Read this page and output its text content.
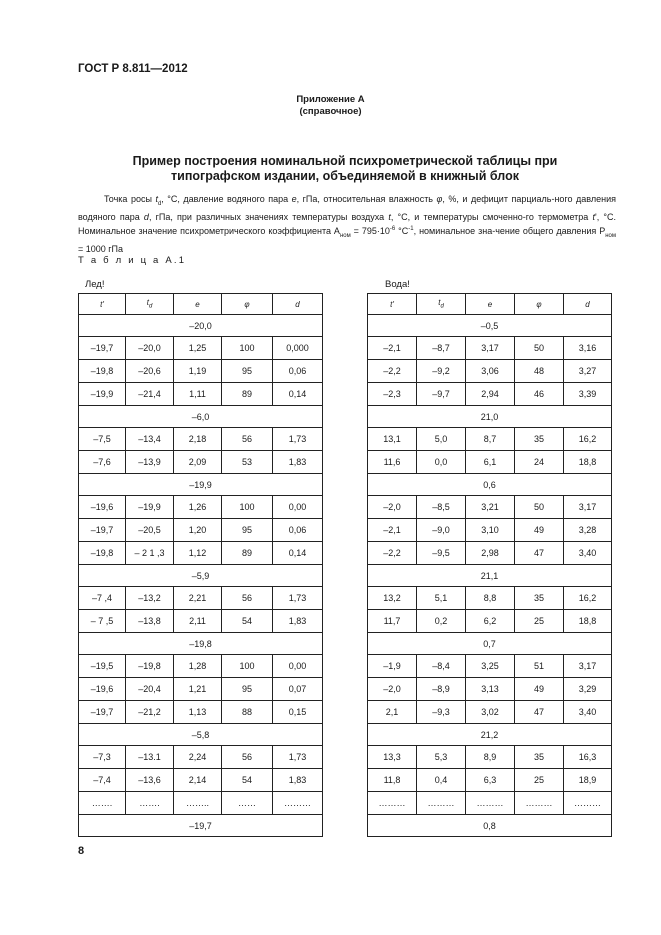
ГОСТ Р 8.811—2012
Приложение А
(справочное)
Пример построения номинальной психрометрической таблицы при
типографском издании, объединяемой в книжный блок
Точка росы $t_d$, °С, давление водяного пара e, гПа, относительная влажность φ, %, и дефицит парциаль-ного давления водяного пара d, гПа, при различных значениях температуры воздуха t, °С, и температуры смоченно-го термометра t', °С. Номинальное значение психрометрического коэффициента $А_{ном} = 795\cdot 10^{-6}$ $^\circ С^{-1}$, номинальное зна-чение общего давления $Р_{ном} = 1000$ гПа
Т а б л и ц а А.1
Лед!	Вода!
t'	$t_d$	e	φ	d
–20,0				
–19,7	–20,0	1,25	100	0,000
–19,8	–20,6	1,19	95	0,06
–19,9	–21,4	1,11	89	0,14
–6,0				
–7,5	–13,4	2,18	56	1,73
–7,6	–13,9	2,09	53	1,83
–19,9				
–19,6	–19,9	1,26	100	0,00
–19,7	–20,5	1,20	95	0,06
–19,8	– 2 1 ,3	1,12	89	0,14
–5,9				
–7 ,4	–13,2	2,21	56	1,73
– 7 ,5	–13,8	2,11	54	1,83
–19,8				
–19,5	–19,8	1,28	100	0,00
–19,6	–20,4	1,21	95	0,07
–19,7	–21,2	1,13	88	0,15
–5,8				
–7,3	–13.1	2,24	56	1,73
–7,4	–13,6	2,14	54	1,83
…….	…….	……..	……	………
–19,7				
t'	$t_d$	e	φ	d
–0,5				
–2,1	–8,7	3,17	50	3,16
–2,2	–9,2	3,06	48	3,27
–2,3	–9,7	2,94	46	3,39
21,0				
13,1	5,0	8,7	35	16,2
11,6	0,0	6,1	24	18,8
0,6				
–2,0	–8,5	3,21	50	3,17
–2,1	–9,0	3,10	49	3,28
–2,2	–9,5	2,98	47	3,40
21,1				
13,2	5,1	8,8	35	16,2
11,7	0,2	6,2	25	18,8
0,7				
–1,9	–8,4	3,25	51	3,17
–2,0	–8,9	3,13	49	3,29
2,1	–9,3	3,02	47	3,40
21,2				
13,3	5,3	8,9	35	16,3
11,8	0,4	6,3	25	18,9
………	………	………	………	………
0,8				
8
